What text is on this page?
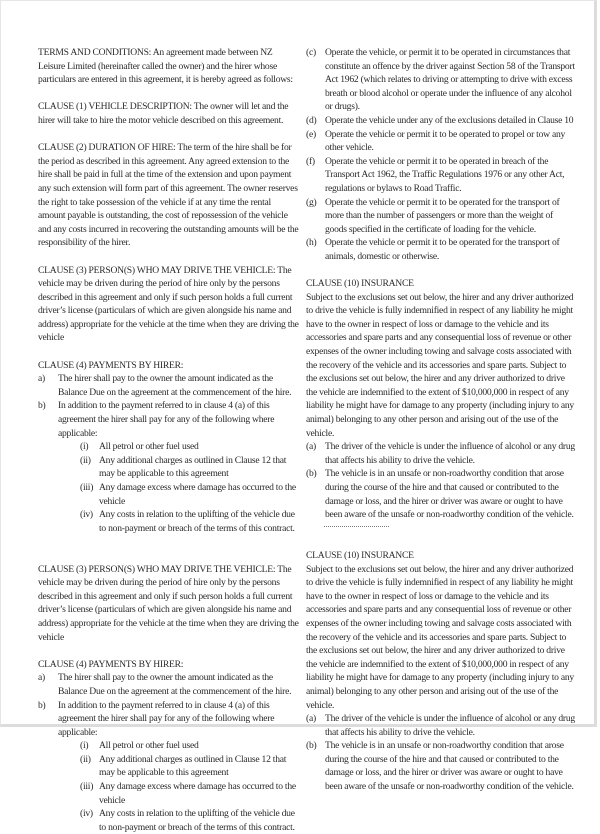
TERMS AND CONDITIONS: An agreement made between NZ Leisure Limited (hereinafter called the owner) and the hirer whose particulars are entered in this agreement, it is hereby agreed as follows:

CLAUSE (1) VEHICLE DESCRIPTION: The owner will let and the hirer will take to hire the motor vehicle described on this agreement.

CLAUSE (2) DURATION OF HIRE: The term of the hire shall be for the period as described in this agreement. Any agreed extension to the hire shall be paid in full at the time of the extension and upon payment any such extension will form part of this agreement. The owner reserves the right to take possession of the vehicle if at any time the rental amount payable is outstanding, the cost of repossession of the vehicle and any costs incurred in recovering the outstanding amounts will be the responsibility of the hirer.

CLAUSE (3) PERSON(S) WHO MAY DRIVE THE VEHICLE: The vehicle may be driven during the period of hire only by the persons described in this agreement and only if such person holds a full current driver’s license (particulars of which are given alongside his name and address) appropriate for the vehicle at the time when they are driving the vehicle

CLAUSE (4) PAYMENTS BY HIRER:
a)	The hirer shall pay to the owner the amount indicated as the Balance Due on the agreement at the commencement of the hire.
b)	In addition to the payment referred to in clause 4 (a) of this agreement the hirer shall pay for any of the following where applicable:
(i)	All petrol or other fuel used
(ii) Any additional charges as outlined in Clause 12 that may be applicable to this agreement
(iii) Any damage excess where damage has occurred to the vehicle
(iv) Any costs in relation to the uplifting of the vehicle due to non-payment or breach of the terms of this contract.

CLAUSE (3) PERSON(S) WHO MAY DRIVE THE VEHICLE: The vehicle may be driven during the period of hire only by the persons described in this agreement and only if such person holds a full current driver’s license (particulars of which are given alongside his name and address) appropriate for the vehicle at the time when they are driving the vehicle

CLAUSE (4) PAYMENTS BY HIRER:
a)	The hirer shall pay to the owner the amount indicated as the Balance Due on the agreement at the commencement of the hire.
b)	In addition to the payment referred to in clause 4 (a) of this agreement the hirer shall pay for any of the following where applicable:
(i)	All petrol or other fuel used
(ii) Any additional charges as outlined in Clause 12 that may be applicable to this agreement
(iii) Any damage excess where damage has occurred to the vehicle
(iv) Any costs in relation to the uplifting of the vehicle due to non-payment or breach of the terms of this contract.
(c) Operate the vehicle, or permit it to be operated in circumstances that constitute an offence by the driver against Section 58 of the Transport Act 1962 (which relates to driving or attempting to drive with excess breath or blood alcohol or operate under the influence of any alcohol or drugs).
(d) Operate the vehicle under any of the exclusions detailed in Clause 10
(e) Operate the vehicle or permit it to be operated to propel or tow any other vehicle.
(f)	Operate the vehicle or permit it to be operated in breach of the Transport Act 1962, the Traffic Regulations 1976 or any other Act, regulations or bylaws to Road Traffic.
(g) Operate the vehicle or permit it to be operated for the transport of more than the number of passengers or more than the weight of goods specified in the certificate of loading for the vehicle.
(h) Operate the vehicle or permit it to be operated for the transport of animals, domestic or otherwise.
CLAUSE (10) INSURANCE
Subject to the exclusions set out below, the hirer and any driver authorized to drive the vehicle is fully indemnified in respect of any liability he might have to the owner in respect of loss or damage to the vehicle and its accessories and spare parts and any consequential loss of revenue or other expenses of the owner including towing and salvage costs associated with the recovery of the vehicle and its accessories and spare parts. Subject to the exclusions set out below, the hirer and any driver authorized to drive the vehicle are indemnified to the extent of $10,000,000 in respect of any liability he might have for damage to any property (including injury to any animal) belonging to any other person and arising out of the use of the vehicle.
(a) The driver of the vehicle is under the influence of alcohol or any drug that affects his ability to drive the vehicle.
(b) The vehicle is in an unsafe or non-roadworthy condition that arose during the course of the hire and that caused or contributed to the damage or loss, and the hirer or driver was aware or ought to have been aware of the unsafe or non-roadworthy condition of the vehicle.
CLAUSE (10) INSURANCE
Subject to the exclusions set out below, the hirer and any driver authorized to drive the vehicle is fully indemnified in respect of any liability he might have to the owner in respect of loss or damage to the vehicle and its accessories and spare parts and any consequential loss of revenue or other expenses of the owner including towing and salvage costs associated with the recovery of the vehicle and its accessories and spare parts. Subject to the exclusions set out below, the hirer and any driver authorized to drive the vehicle are indemnified to the extent of $10,000,000 in respect of any liability he might have for damage to any property (including injury to any animal) belonging to any other person and arising out of the use of the vehicle.
(a) The driver of the vehicle is under the influence of alcohol or any drug that affects his ability to drive the vehicle.
(b) The vehicle is in an unsafe or non-roadworthy condition that arose during the course of the hire and that caused or contributed to the damage or loss, and the hirer or driver was aware or ought to have been aware of the unsafe or non-roadworthy condition of the vehicle.
